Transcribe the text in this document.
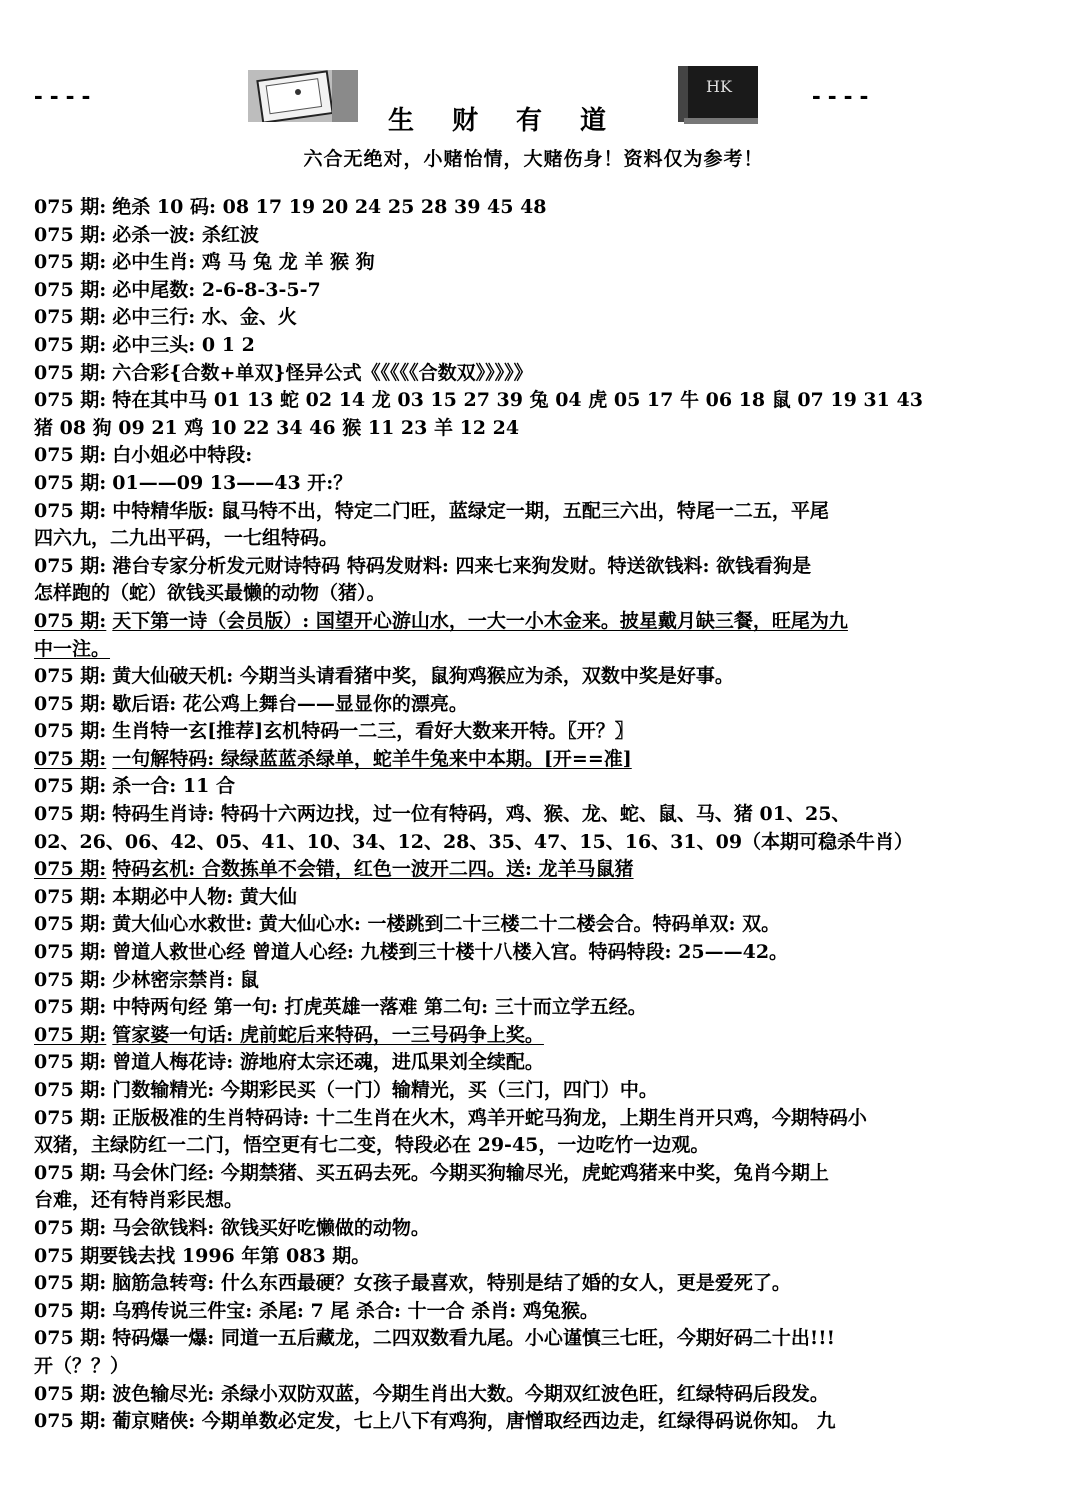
- - - -
生财有道
HK	- - - -
六合无绝对，小赌怡情，大赌伤身！资料仅为参考！
075 期: 绝杀 10 码: 08 17 19 20 24 25 28 39 45 48
075 期: 必杀一波: 杀红波
075 期: 必中生肖: 鸡 马 兔 龙 羊 猴 狗
075 期: 必中尾数: 2-6-8-3-5-7
075 期: 必中三行: 水、金、火
075 期: 必中三头: 0 1 2
075 期: 六合彩{合数+单双}怪异公式《《《《《合数双》》》》》
075 期: 特在其中马 01 13 蛇 02 14 龙 03 15 27 39 兔 04 虎 05 17 牛 06 18 鼠 07 19 31 43
猪 08 狗 09 21 鸡 10 22 34 46 猴 11 23 羊 12 24
075 期: 白小姐必中特段:
075 期: 01——09 13——43 开:？
075 期: 中特精华版: 鼠马特不出，特定二门旺，蓝绿定一期，五配三六出，特尾一二五，平尾
四六九，二九出平码，一七组特码。
075 期: 港台专家分析发元财诗特码 特码发财料: 四来七来狗发财。特送欲钱料: 欲钱看狗是
怎样跑的（蛇）欲钱买最懒的动物（猪）。
075 期: 天下第一诗（会员版）: 国望开心游山水，一大一小木金来。披星戴月缺三餐，旺尾为九
中一注。
075 期: 黄大仙破天机: 今期当头请看猪中奖，鼠狗鸡猴应为杀，双数中奖是好事。
075 期: 歇后语: 花公鸡上舞台——显显你的漂亮。
075 期: 生肖特一玄[推荐]玄机特码一二三，看好大数来开特。〖开？〗
075 期: 一句解特码: 绿绿蓝蓝杀绿单，蛇羊牛兔来中本期。[开==准]
075 期: 杀一合: 11 合
075 期: 特码生肖诗: 特码十六两边找，过一位有特码，鸡、猴、龙、蛇、鼠、马、猪 01、25、
02、26、06、42、05、41、10、34、12、28、35、47、15、16、31、09（本期可稳杀牛肖）
075 期: 特码玄机: 合数拣单不会错，红色一波开二四。送: 龙羊马鼠猪
075 期: 本期必中人物: 黄大仙
075 期: 黄大仙心水救世: 黄大仙心水: 一楼跳到二十三楼二十二楼会合。特码单双: 双。
075 期: 曾道人救世心经 曾道人心经: 九楼到三十楼十八楼入宫。特码特段: 25——42。
075 期: 少林密宗禁肖: 鼠
075 期: 中特两句经 第一句: 打虎英雄一落难 第二句: 三十而立学五经。
075 期: 管家婆一句话: 虎前蛇后来特码，一三号码争上奖。
075 期: 曾道人梅花诗: 游地府太宗还魂，进瓜果刘全续配。
075 期: 门数输精光: 今期彩民买（一门）输精光，买（三门，四门）中。
075 期: 正版极准的生肖特码诗: 十二生肖在火木，鸡羊开蛇马狗龙，上期生肖开只鸡，今期特码小
双猪，主绿防红一二门，悟空更有七二变，特段必在 29-45，一边吃竹一边观。
075 期: 马会休门经: 今期禁猪、买五码去死。今期买狗输尽光，虎蛇鸡猪来中奖，兔肖今期上
台难，还有特肖彩民想。
075 期: 马会欲钱料: 欲钱买好吃懒做的动物。
075 期要钱去找 1996 年第 083 期。
075 期: 脑筋急转弯: 什么东西最硬？女孩子最喜欢，特别是结了婚的女人，更是爱死了。
075 期: 乌鸦传说三件宝: 杀尾: 7 尾 杀合: 十一合 杀肖: 鸡兔猴。
075 期: 特码爆一爆: 同道一五后藏龙，二四双数看九尾。小心谨慎三七旺，今期好码二十出!!!
开（？？）
075 期: 波色输尽光: 杀绿小双防双蓝，今期生肖出大数。今期双红波色旺，红绿特码后段发。
075 期: 葡京赌侠: 今期单数必定发，七上八下有鸡狗，唐憎取经西边走，红绿得码说你知。 九
